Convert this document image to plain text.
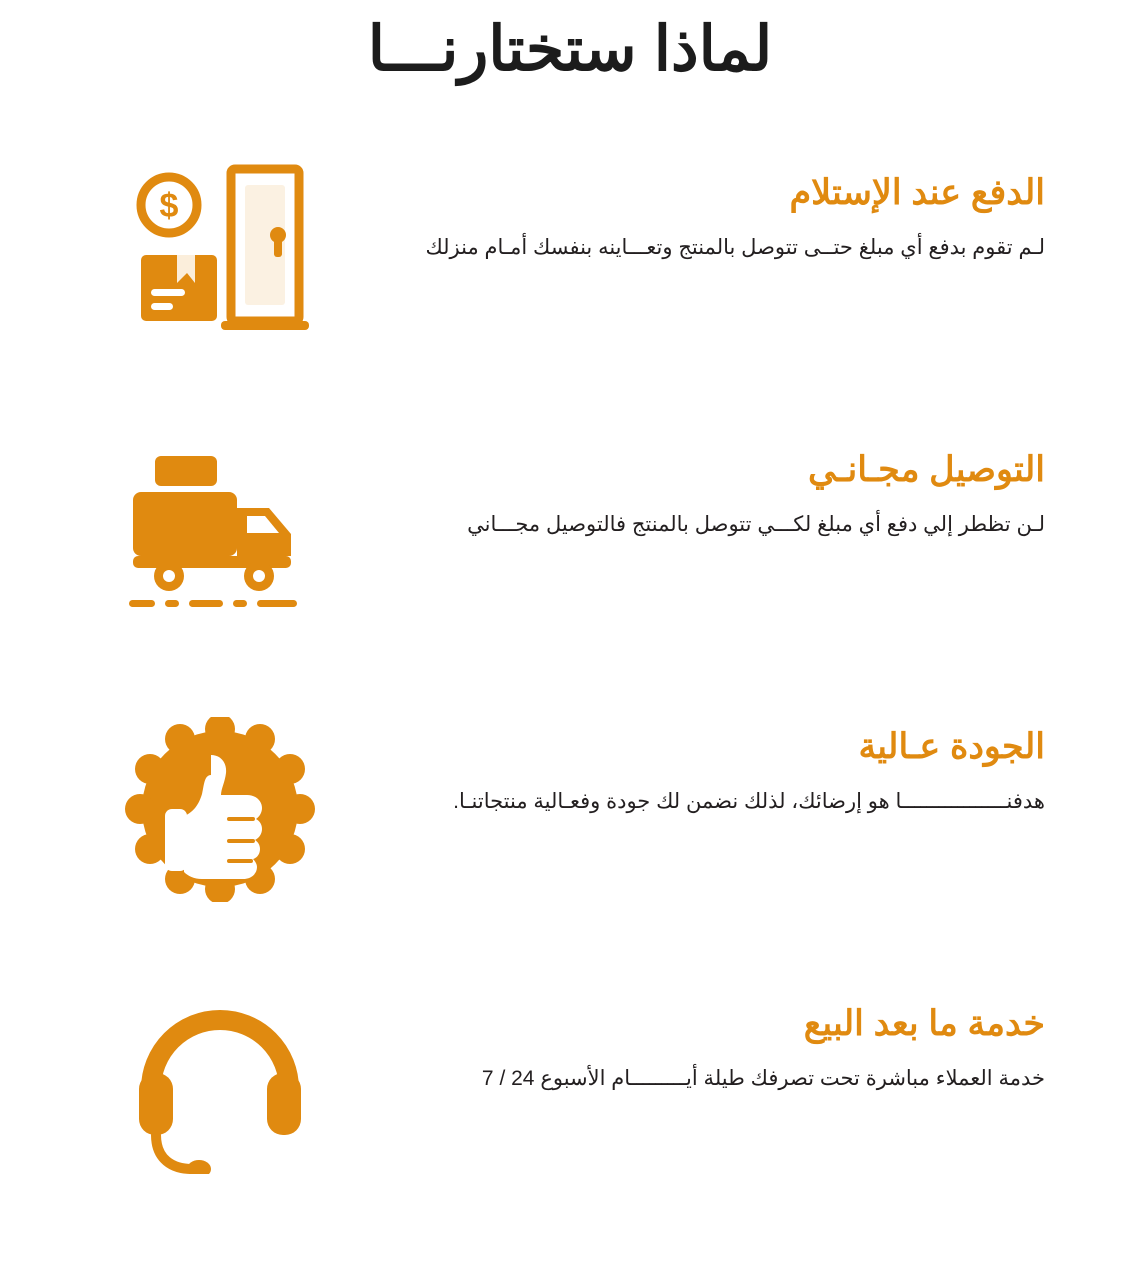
لماذا ستختارنـــا
الدفع عند الإستلام

لـم تقوم بدفع أي مبلغ حتــى تتوصل بالمنتج وتعـــاينه بنفسك أمـام منزلك

$
التوصيل مجـانـي

لـن تظطر إلي دفع أي مبلغ لكـــي تتوصل بالمنتج فالتوصيل مجـــاني

الجودة عـالية

هدفنـــــــــــــــــا هو إرضائك، لذلك نضمن لك جودة وفعـالية منتجاتنـا.

خدمة ما بعد البيع

خدمة العملاء مباشرة تحت تصرفك طيلة أيـــــــــام الأسبوع 24 / 7
